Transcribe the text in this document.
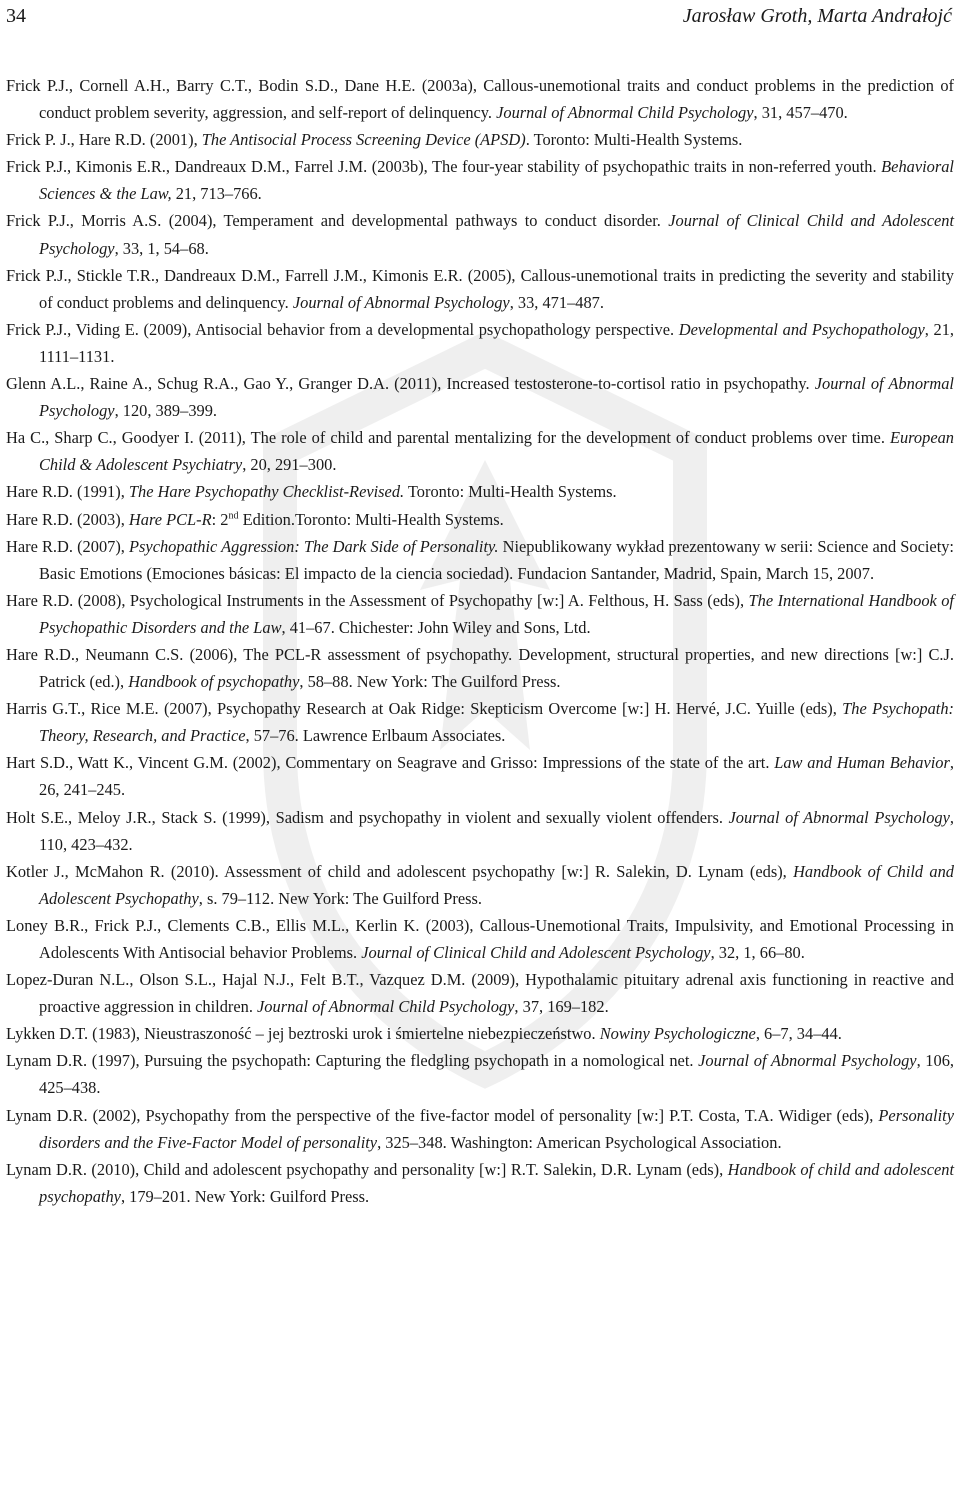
34	Jarosław Groth, Marta Andrałojć

Frick P.J., Cornell A.H., Barry C.T., Bodin S.D., Dane H.E. (2003a), Callous-unemotional traits and conduct problems in the prediction of conduct problem severity, aggression, and self-report of delinquency. Journal of Abnormal Child Psychology, 31, 457–470.

Frick P. J., Hare R.D. (2001), The Antisocial Process Screening Device (APSD). Toronto: Multi-Health Systems.

Frick P.J., Kimonis E.R., Dandreaux D.M., Farrel J.M. (2003b), The four-year stability of psychopathic traits in non-referred youth. Behavioral Sciences & the Law, 21, 713–766.

Frick P.J., Morris A.S. (2004), Temperament and developmental pathways to conduct disorder. Journal of Clinical Child and Adolescent Psychology, 33, 1, 54–68.

Frick P.J., Stickle T.R., Dandreaux D.M., Farrell J.M., Kimonis E.R. (2005), Callous-unemotional traits in predicting the severity and stability of conduct problems and delinquency. Journal of Abnormal Psychology, 33, 471–487.

Frick P.J., Viding E. (2009), Antisocial behavior from a developmental psychopathology perspective. Developmental and Psychopathology, 21, 1111–1131.

Glenn A.L., Raine A., Schug R.A., Gao Y., Granger D.A. (2011), Increased testosterone-to-cortisol ratio in psychopathy. Journal of Abnormal Psychology, 120, 389–399.

Ha C., Sharp C., Goodyer I. (2011), The role of child and parental mentalizing for the development of conduct problems over time. European Child & Adolescent Psychiatry, 20, 291–300.

Hare R.D. (1991), The Hare Psychopathy Checklist-Revised. Toronto: Multi-Health Systems.

Hare R.D. (2003), Hare PCL-R: 2nd Edition.Toronto: Multi-Health Systems.

Hare R.D. (2007), Psychopathic Aggression: The Dark Side of Personality. Niepublikowany wykład prezentowany w serii: Science and Society: Basic Emotions (Emociones básicas: El impacto de la ciencia sociedad). Fundacion Santander, Madrid, Spain, March 15, 2007.

Hare R.D. (2008), Psychological Instruments in the Assessment of Psychopathy [w:] A. Felthous, H. Sass (eds), The International Handbook of Psychopathic Disorders and the Law, 41–67. Chichester: John Wiley and Sons, Ltd.

Hare R.D., Neumann C.S. (2006), The PCL-R assessment of psychopathy. Development, structural properties, and new directions [w:] C.J. Patrick (ed.), Handbook of psychopathy, 58–88. New York: The Guilford Press.

Harris G.T., Rice M.E. (2007), Psychopathy Research at Oak Ridge: Skepticism Overcome [w:] H. Hervé, J.C. Yuille (eds), The Psychopath: Theory, Research, and Practice, 57–76. Lawrence Erlbaum Associates.

Hart S.D., Watt K., Vincent G.M. (2002), Commentary on Seagrave and Grisso: Impressions of the state of the art. Law and Human Behavior, 26, 241–245.

Holt S.E., Meloy J.R., Stack S. (1999), Sadism and psychopathy in violent and sexually violent offenders. Journal of Abnormal Psychology, 110, 423–432.

Kotler J., McMahon R. (2010). Assessment of child and adolescent psychopathy [w:] R. Salekin, D. Lynam (eds), Handbook of Child and Adolescent Psychopathy, s. 79–112. New York: The Guilford Press.

Loney B.R., Frick P.J., Clements C.B., Ellis M.L., Kerlin K. (2003), Callous-Unemotional Traits, Impulsivity, and Emotional Processing in Adolescents With Antisocial behavior Problems. Journal of Clinical Child and Adolescent Psychology, 32, 1, 66–80.

Lopez-Duran N.L., Olson S.L., Hajal N.J., Felt B.T., Vazquez D.M. (2009), Hypothalamic pituitary adrenal axis functioning in reactive and proactive aggression in children. Journal of Abnormal Child Psychology, 37, 169–182.

Lykken D.T. (1983), Nieustraszoność – jej beztroski urok i śmiertelne niebezpieczeństwo. Nowiny Psychologiczne, 6–7, 34–44.

Lynam D.R. (1997), Pursuing the psychopath: Capturing the fledgling psychopath in a nomological net. Journal of Abnormal Psychology, 106, 425–438.

Lynam D.R. (2002), Psychopathy from the perspective of the five-factor model of personality [w:] P.T. Costa, T.A. Widiger (eds), Personality disorders and the Five-Factor Model of personality, 325–348. Washington: American Psychological Association.

Lynam D.R. (2010), Child and adolescent psychopathy and personality [w:] R.T. Salekin, D.R. Lynam (eds), Handbook of child and adolescent psychopathy, 179–201. New York: Guilford Press.
